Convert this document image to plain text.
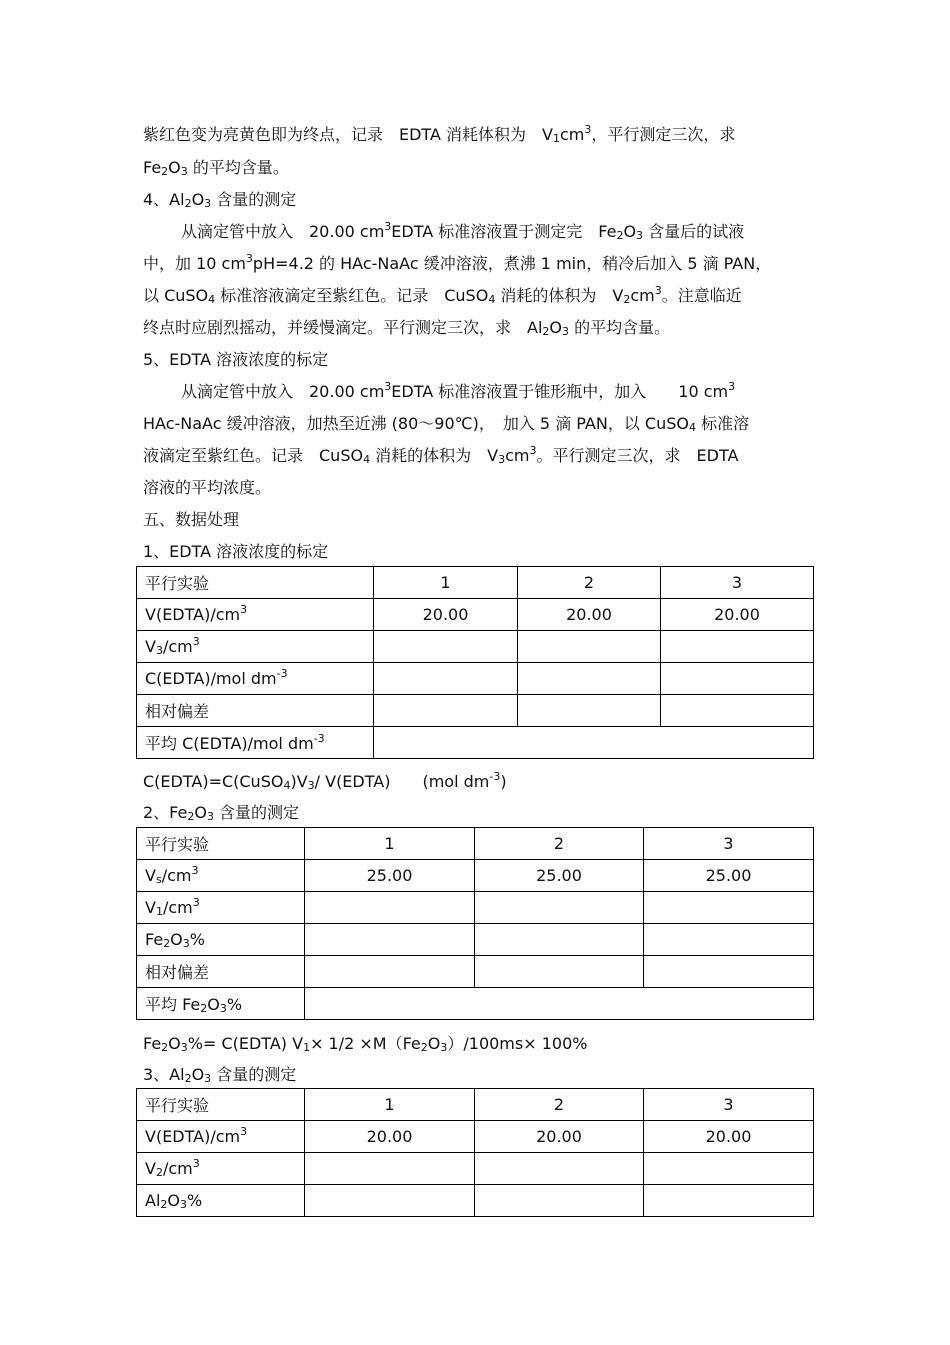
紫红色变为亮黄色即为终点，记录　EDTA 消耗体积为　$V_1cm^3$，平行测定三次，求
$Fe_2O_3$ 的平均含量。
4、$Al_2O_3$ 含量的测定
从滴定管中放入　20.00 $cm^3EDTA$ 标准溶液置于测定完　$Fe_2O_3$ 含量后的试液
中，加 10 $cm^3pH=4.2$ 的 HAc-NaAc 缓冲溶液，煮沸 1 min，稍冷后加入 5 滴 PAN，
以 CuSO$_4$ 标准溶液滴定至紫红色。记录　CuSO$_4$ 消耗的体积为　$V_2cm^3$。注意临近
终点时应剧烈摇动，并缓慢滴定。平行测定三次，求　$Al_2O_3$ 的平均含量。
5、EDTA 溶液浓度的标定
从滴定管中放入　20.00 $cm^3EDTA$ 标准溶液置于锥形瓶中，加入　　10 $cm^3$
HAc-NaAc 缓冲溶液，加热至近沸 (80～90℃)，　加入 5 滴 PAN，以 CuSO$_4$ 标准溶
液滴定至紫红色。记录　CuSO$_4$ 消耗的体积为　$V_3cm^3$。平行测定三次，求　EDTA
溶液的平均浓度。
五、数据处理
1、EDTA 溶液浓度的标定
平行实验	1	2	3
$V(EDTA)/cm^3$	20.00	20.00	20.00
$V_3/cm^3$			
C(EDTA)/mol $dm^{-3}$			
相对偏差			
平均 C(EDTA)/mol $dm^{-3}$	
$C(EDTA)=C(CuSO_4)V_3/$ V(EDTA)　　(mol $dm^{-3}$)
2、$Fe_2O_3$ 含量的测定
平行实验	1	2	3
$V_s/cm^3$	25.00	25.00	25.00
$V_1/cm^3$			
$Fe_2O_3\%$			
相对偏差			
平均 $Fe_2O_3\%$			
$Fe_2O_3\%=$ C(EDTA) $V_1\times 1/2 \times M(Fe_2O_3)/100ms\times 100\%$
3、$Al_2O_3$ 含量的测定
平行实验	1	2	3
$V(EDTA)/cm^3$	20.00	20.00	20.00
$V_2/cm^3$			
$Al_2O_3\%$			
